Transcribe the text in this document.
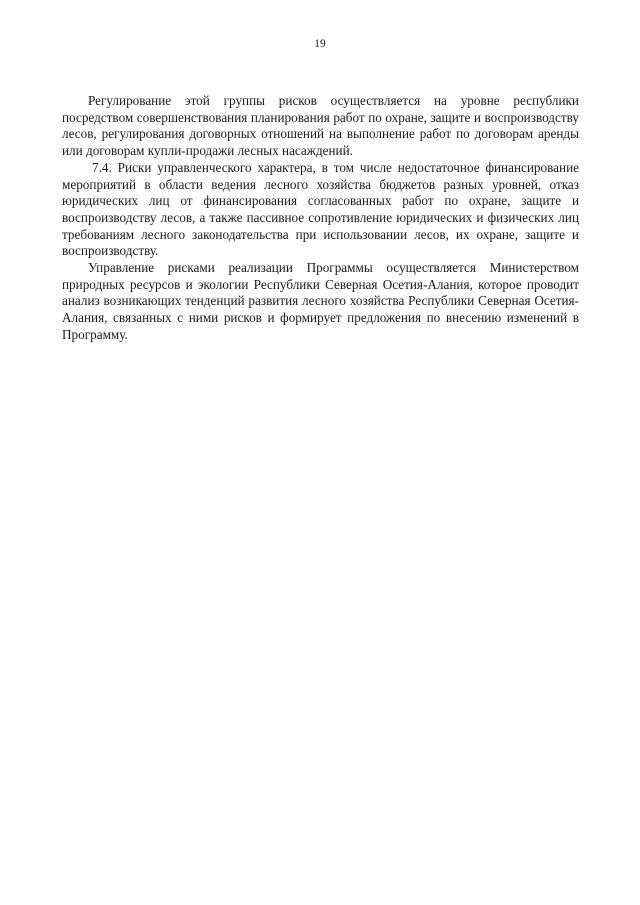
19

Регулирование этой группы рисков осуществляется на уровне республики посредством совершенствования планирования работ по охране, защите и воспроизводству лесов, регулирования договорных отношений на выполнение работ по договорам аренды или договорам купли-продажи лесных насаждений.

7.4. Риски управленческого характера, в том числе недостаточное финансирование мероприятий в области ведения лесного хозяйства бюджетов разных уровней, отказ юридических лиц от финансирования согласованных работ по охране, защите и воспроизводству лесов, а также пассивное сопротивление юридических и физических лиц требованиям лесного законодательства при использовании лесов, их охране, защите и воспроизводству.

Управление рисками реализации Программы осуществляется Министерством природных ресурсов и экологии Республики Северная Осетия-Алания, которое проводит анализ возникающих тенденций развития лесного хозяйства Республики Северная Осетия-Алания, связанных с ними рисков и формирует предложения по внесению изменений в Программу.
